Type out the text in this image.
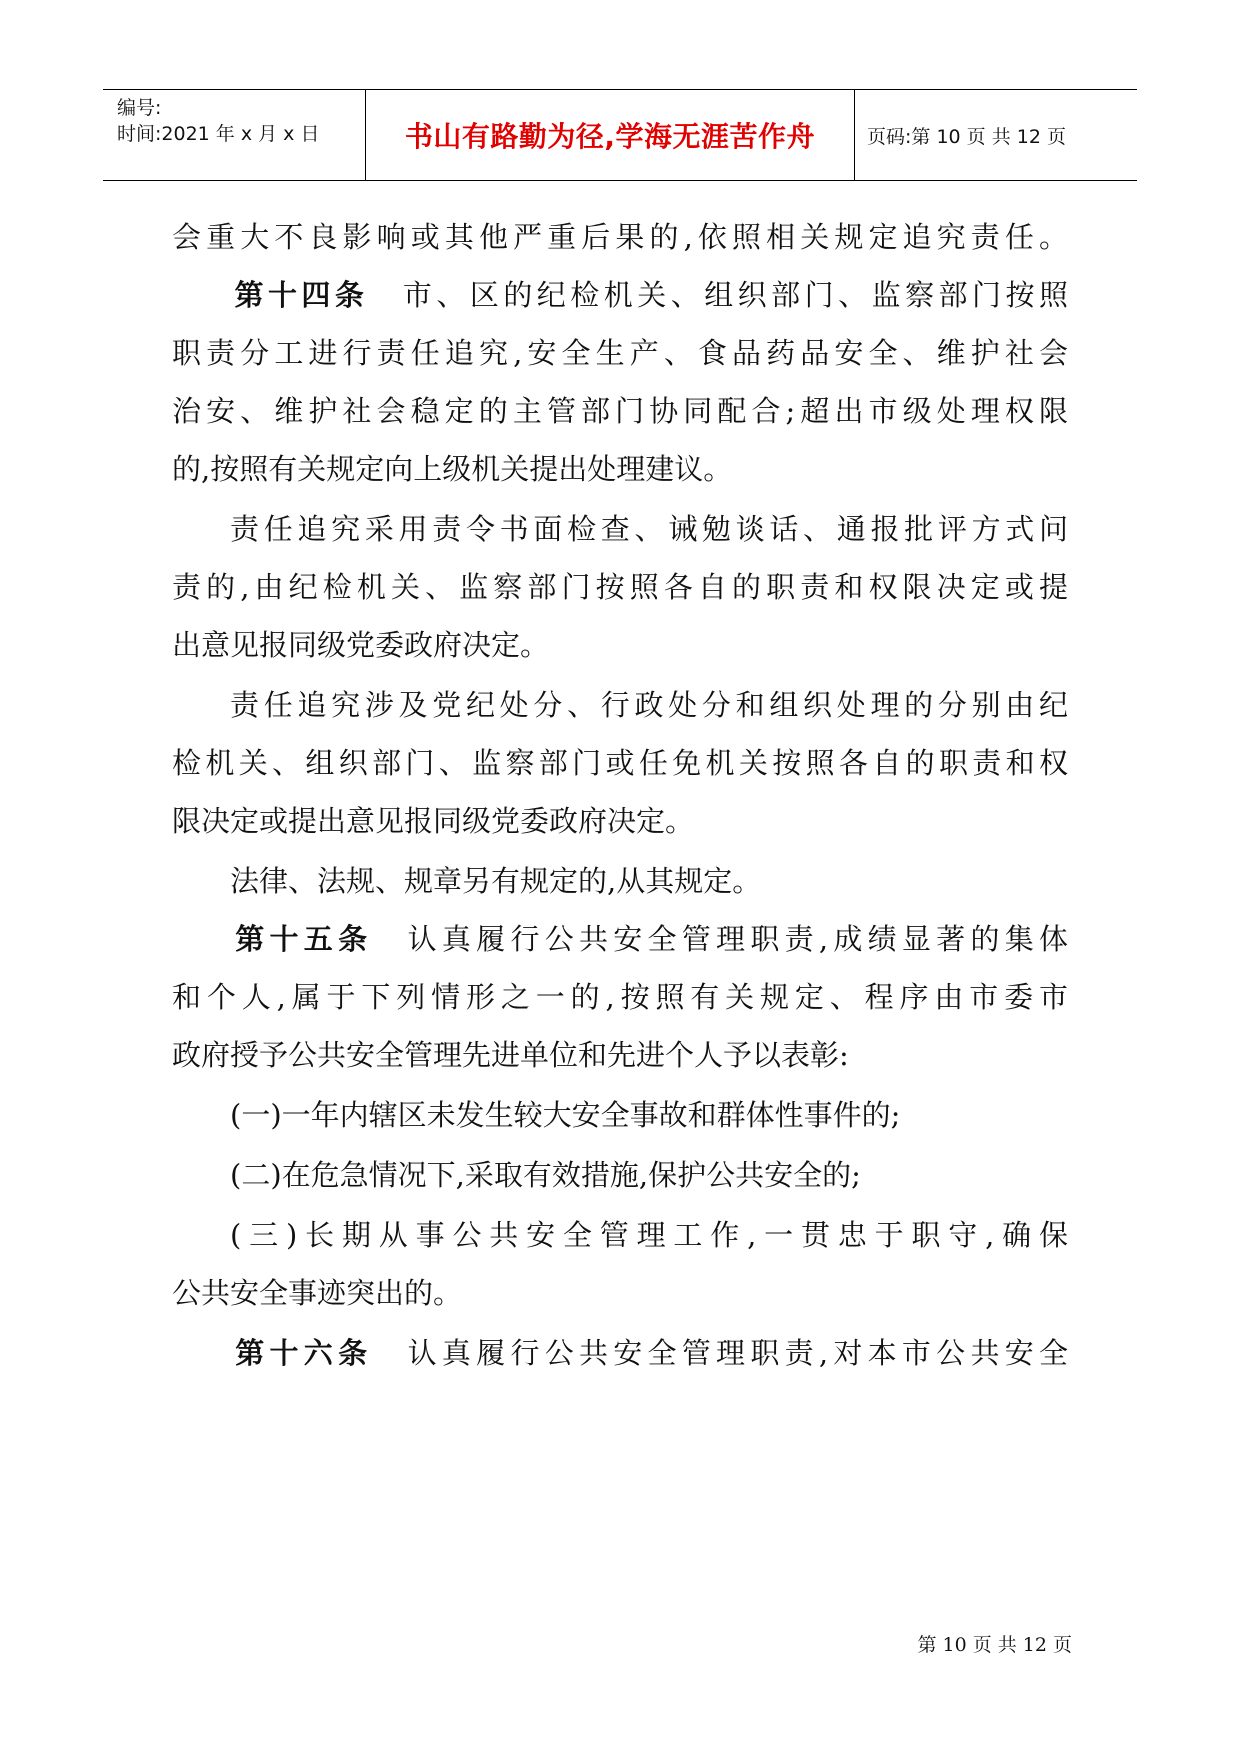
编号:
时间:2021 年 x 月 x 日	书山有路勤为径,学海无涯苦作舟	页码:第 10 页 共 12 页
会重大不良影响或其他严重后果的,依照相关规定追究责任。
第十四条 市、区的纪检机关、组织部门、监察部门按照
职责分工进行责任追究,安全生产、食品药品安全、维护社会
治安、维护社会稳定的主管部门协同配合;超出市级处理权限
的,按照有关规定向上级机关提出处理建议。
责任追究采用责令书面检查、诫勉谈话、通报批评方式问
责的,由纪检机关、监察部门按照各自的职责和权限决定或提
出意见报同级党委政府决定。
责任追究涉及党纪处分、行政处分和组织处理的分别由纪
检机关、组织部门、监察部门或任免机关按照各自的职责和权
限决定或提出意见报同级党委政府决定。
法律、法规、规章另有规定的,从其规定。
第十五条 认真履行公共安全管理职责,成绩显著的集体
和个人,属于下列情形之一的,按照有关规定、程序由市委市
政府授予公共安全管理先进单位和先进个人予以表彰:
(一)一年内辖区未发生较大安全事故和群体性事件的;
(二)在危急情况下,采取有效措施,保护公共安全的;
(三)长期从事公共安全管理工作,一贯忠于职守,确保
公共安全事迹突出的。
第十六条 认真履行公共安全管理职责,对本市公共安全
第 10 页 共 12 页
